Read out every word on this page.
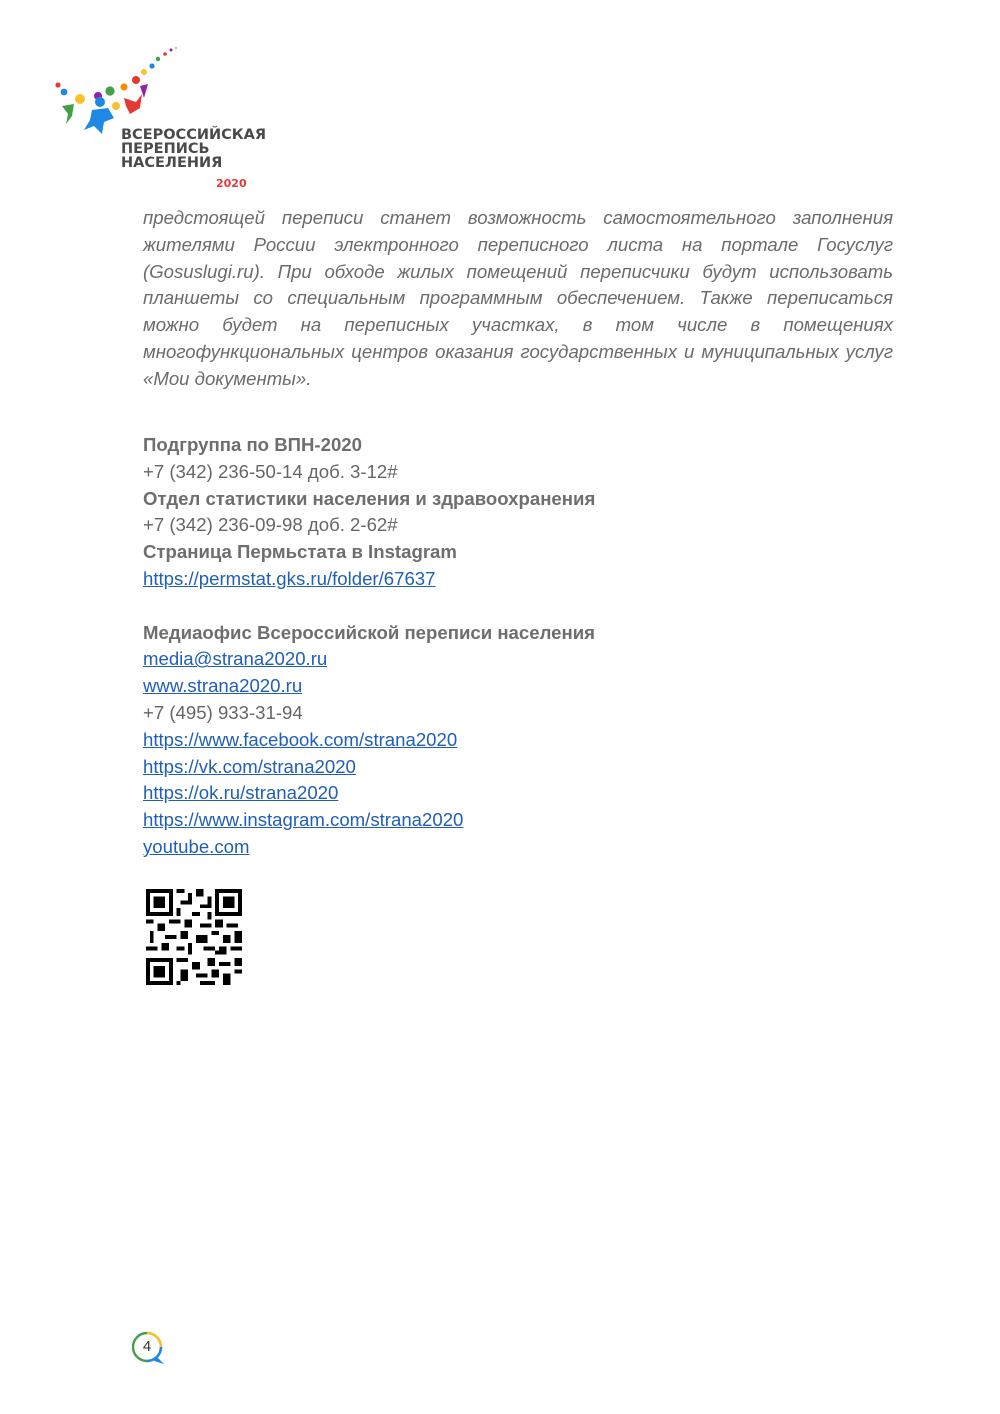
2020
ВСЕРОССИЙСКАЯ
ПЕРЕПИСЬ
НАСЕЛЕНИЯ

предстоящей переписи станет возможность самостоятельного заполнения жителями России электронного переписного листа на портале Госуслуг (Gosuslugi.ru). При обходе жилых помещений переписчики будут использовать планшеты со специальным программным обеспечением. Также переписаться можно будет на переписных участках, в том числе в помещениях многофункциональных центров оказания государственных и муниципальных услуг «Мои документы».

Подгруппа по ВПН-2020
+7 (342) 236-50-14 доб. 3-12#
Отдел статистики населения и здравоохранения
+7 (342) 236-09-98 доб. 2-62#
Страница Пермьстата в Instagram
https://permstat.gks.ru/folder/67637
Медиаофис Всероссийской переписи населения
media@strana2020.ru
www.strana2020.ru
+7 (495) 933-31-94
https://www.facebook.com/strana2020
https://vk.com/strana2020
https://ok.ru/strana2020
https://www.instagram.com/strana2020
youtube.com
4
